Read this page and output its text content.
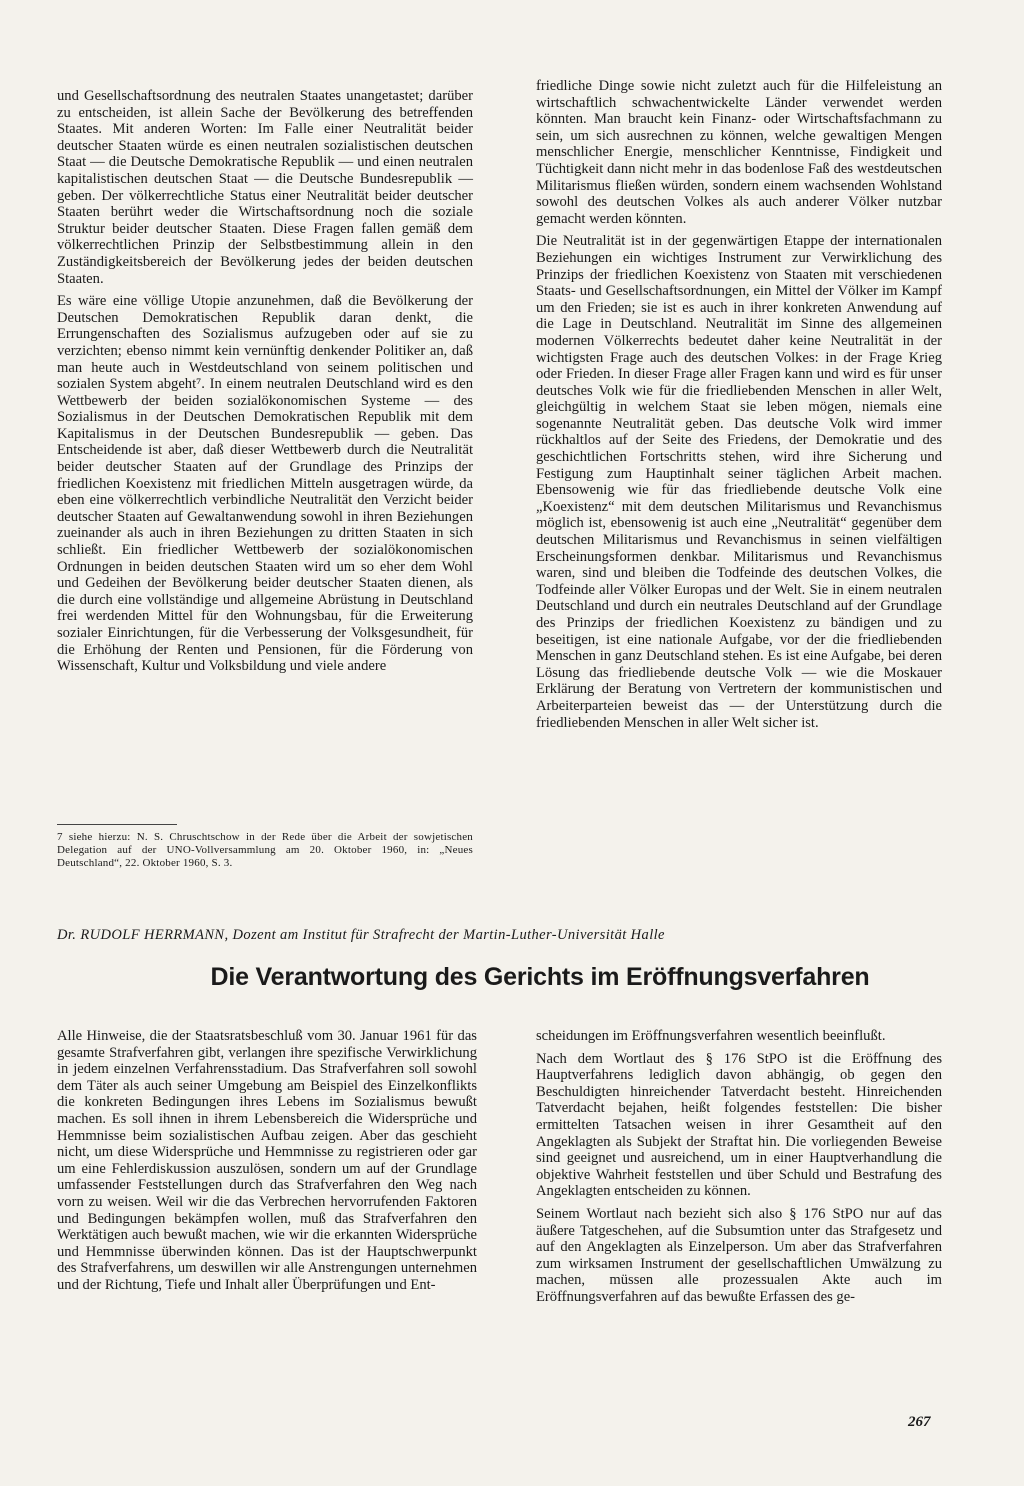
und Gesellschaftsordnung des neutralen Staates unangetastet; darüber zu entscheiden, ist allein Sache der Bevölkerung des betreffenden Staates. Mit anderen Worten: Im Falle einer Neutralität beider deutscher Staaten würde es einen neutralen sozialistischen deutschen Staat — die Deutsche Demokratische Republik — und einen neutralen kapitalistischen deutschen Staat — die Deutsche Bundesrepublik — geben. Der völkerrechtliche Status einer Neutralität beider deutscher Staaten berührt weder die Wirtschaftsordnung noch die soziale Struktur beider deutscher Staaten. Diese Fragen fallen gemäß dem völkerrechtlichen Prinzip der Selbstbestimmung allein in den Zuständigkeitsbereich der Bevölkerung jedes der beiden deutschen Staaten.

Es wäre eine völlige Utopie anzunehmen, daß die Bevölkerung der Deutschen Demokratischen Republik daran denkt, die Errungenschaften des Sozialismus aufzugeben oder auf sie zu verzichten; ebenso nimmt kein vernünftig denkender Politiker an, daß man heute auch in Westdeutschland von seinem politischen und sozialen System abgeht⁷. In einem neutralen Deutschland wird es den Wettbewerb der beiden sozialökonomischen Systeme — des Sozialismus in der Deutschen Demokratischen Republik mit dem Kapitalismus in der Deutschen Bundesrepublik — geben. Das Entscheidende ist aber, daß dieser Wettbewerb durch die Neutralität beider deutscher Staaten auf der Grundlage des Prinzips der friedlichen Koexistenz mit friedlichen Mitteln ausgetragen würde, da eben eine völkerrechtlich verbindliche Neutralität den Verzicht beider deutscher Staaten auf Gewaltanwendung sowohl in ihren Beziehungen zueinander als auch in ihren Beziehungen zu dritten Staaten in sich schließt. Ein friedlicher Wettbewerb der sozialökonomischen Ordnungen in beiden deutschen Staaten wird um so eher dem Wohl und Gedeihen der Bevölkerung beider deutscher Staaten dienen, als die durch eine vollständige und allgemeine Abrüstung in Deutschland frei werdenden Mittel für den Wohnungsbau, für die Erweiterung sozialer Einrichtungen, für die Verbesserung der Volksgesundheit, für die Erhöhung der Renten und Pensionen, für die Förderung von Wissenschaft, Kultur und Volksbildung und viele andere

7 siehe hierzu: N. S. Chruschtschow in der Rede über die Arbeit der sowjetischen Delegation auf der UNO-Vollversammlung am 20. Oktober 1960, in: „Neues Deutschland“, 22. Oktober 1960, S. 3.

friedliche Dinge sowie nicht zuletzt auch für die Hilfeleistung an wirtschaftlich schwachentwickelte Länder verwendet werden könnten. Man braucht kein Finanz- oder Wirtschaftsfachmann zu sein, um sich ausrechnen zu können, welche gewaltigen Mengen menschlicher Energie, menschlicher Kenntnisse, Findigkeit und Tüchtigkeit dann nicht mehr in das bodenlose Faß des westdeutschen Militarismus fließen würden, sondern einem wachsenden Wohlstand sowohl des deutschen Volkes als auch anderer Völker nutzbar gemacht werden könnten.

Die Neutralität ist in der gegenwärtigen Etappe der internationalen Beziehungen ein wichtiges Instrument zur Verwirklichung des Prinzips der friedlichen Koexistenz von Staaten mit verschiedenen Staats- und Gesellschaftsordnungen, ein Mittel der Völker im Kampf um den Frieden; sie ist es auch in ihrer konkreten Anwendung auf die Lage in Deutschland. Neutralität im Sinne des allgemeinen modernen Völkerrechts bedeutet daher keine Neutralität in der wichtigsten Frage auch des deutschen Volkes: in der Frage Krieg oder Frieden. In dieser Frage aller Fragen kann und wird es für unser deutsches Volk wie für die friedliebenden Menschen in aller Welt, gleichgültig in welchem Staat sie leben mögen, niemals eine sogenannte Neutralität geben. Das deutsche Volk wird immer rückhaltlos auf der Seite des Friedens, der Demokratie und des geschichtlichen Fortschritts stehen, wird ihre Sicherung und Festigung zum Hauptinhalt seiner täglichen Arbeit machen. Ebensowenig wie für das friedliebende deutsche Volk eine „Koexistenz“ mit dem deutschen Militarismus und Revanchismus möglich ist, ebensowenig ist auch eine „Neutralität“ gegenüber dem deutschen Militarismus und Revanchismus in seinen vielfältigen Erscheinungsformen denkbar. Militarismus und Revanchismus waren, sind und bleiben die Todfeinde des deutschen Volkes, die Todfeinde aller Völker Europas und der Welt. Sie in einem neutralen Deutschland und durch ein neutrales Deutschland auf der Grundlage des Prinzips der friedlichen Koexistenz zu bändigen und zu beseitigen, ist eine nationale Aufgabe, vor der die friedliebenden Menschen in ganz Deutschland stehen. Es ist eine Aufgabe, bei deren Lösung das friedliebende deutsche Volk — wie die Moskauer Erklärung der Beratung von Vertretern der kommunistischen und Arbeiterparteien beweist das — der Unterstützung durch die friedliebenden Menschen in aller Welt sicher ist.

Dr. RUDOLF HERRMANN, Dozent am Institut für Strafrecht der Martin-Luther-Universität Halle
Die Verantwortung des Gerichts im Eröffnungsverfahren

Alle Hinweise, die der Staatsratsbeschluß vom 30. Januar 1961 für das gesamte Strafverfahren gibt, verlangen ihre spezifische Verwirklichung in jedem einzelnen Verfahrensstadium. Das Strafverfahren soll sowohl dem Täter als auch seiner Umgebung am Beispiel des Einzelkonflikts die konkreten Bedingungen ihres Lebens im Sozialismus bewußt machen. Es soll ihnen in ihrem Lebensbereich die Widersprüche und Hemmnisse beim sozialistischen Aufbau zeigen. Aber das geschieht nicht, um diese Widersprüche und Hemmnisse zu registrieren oder gar um eine Fehlerdiskussion auszulösen, sondern um auf der Grundlage umfassender Feststellungen durch das Strafverfahren den Weg nach vorn zu weisen. Weil wir die das Verbrechen hervorrufenden Faktoren und Bedingungen bekämpfen wollen, muß das Strafverfahren den Werktätigen auch bewußt machen, wie wir die erkannten Widersprüche und Hemmnisse überwinden können. Das ist der Hauptschwerpunkt des Strafverfahrens, um deswillen wir alle Anstrengungen unternehmen und der Richtung, Tiefe und Inhalt aller Überprüfungen und Ent-

scheidungen im Eröffnungsverfahren wesentlich beeinflußt.

Nach dem Wortlaut des § 176 StPO ist die Eröffnung des Hauptverfahrens lediglich davon abhängig, ob gegen den Beschuldigten hinreichender Tatverdacht besteht. Hinreichenden Tatverdacht bejahen, heißt folgendes feststellen: Die bisher ermittelten Tatsachen weisen in ihrer Gesamtheit auf den Angeklagten als Subjekt der Straftat hin. Die vorliegenden Beweise sind geeignet und ausreichend, um in einer Hauptverhandlung die objektive Wahrheit feststellen und über Schuld und Bestrafung des Angeklagten entscheiden zu können.

Seinem Wortlaut nach bezieht sich also § 176 StPO nur auf das äußere Tatgeschehen, auf die Subsumtion unter das Strafgesetz und auf den Angeklagten als Einzelperson. Um aber das Strafverfahren zum wirksamen Instrument der gesellschaftlichen Umwälzung zu machen, müssen alle prozessualen Akte auch im Eröffnungsverfahren auf das bewußte Erfassen des ge-

267
